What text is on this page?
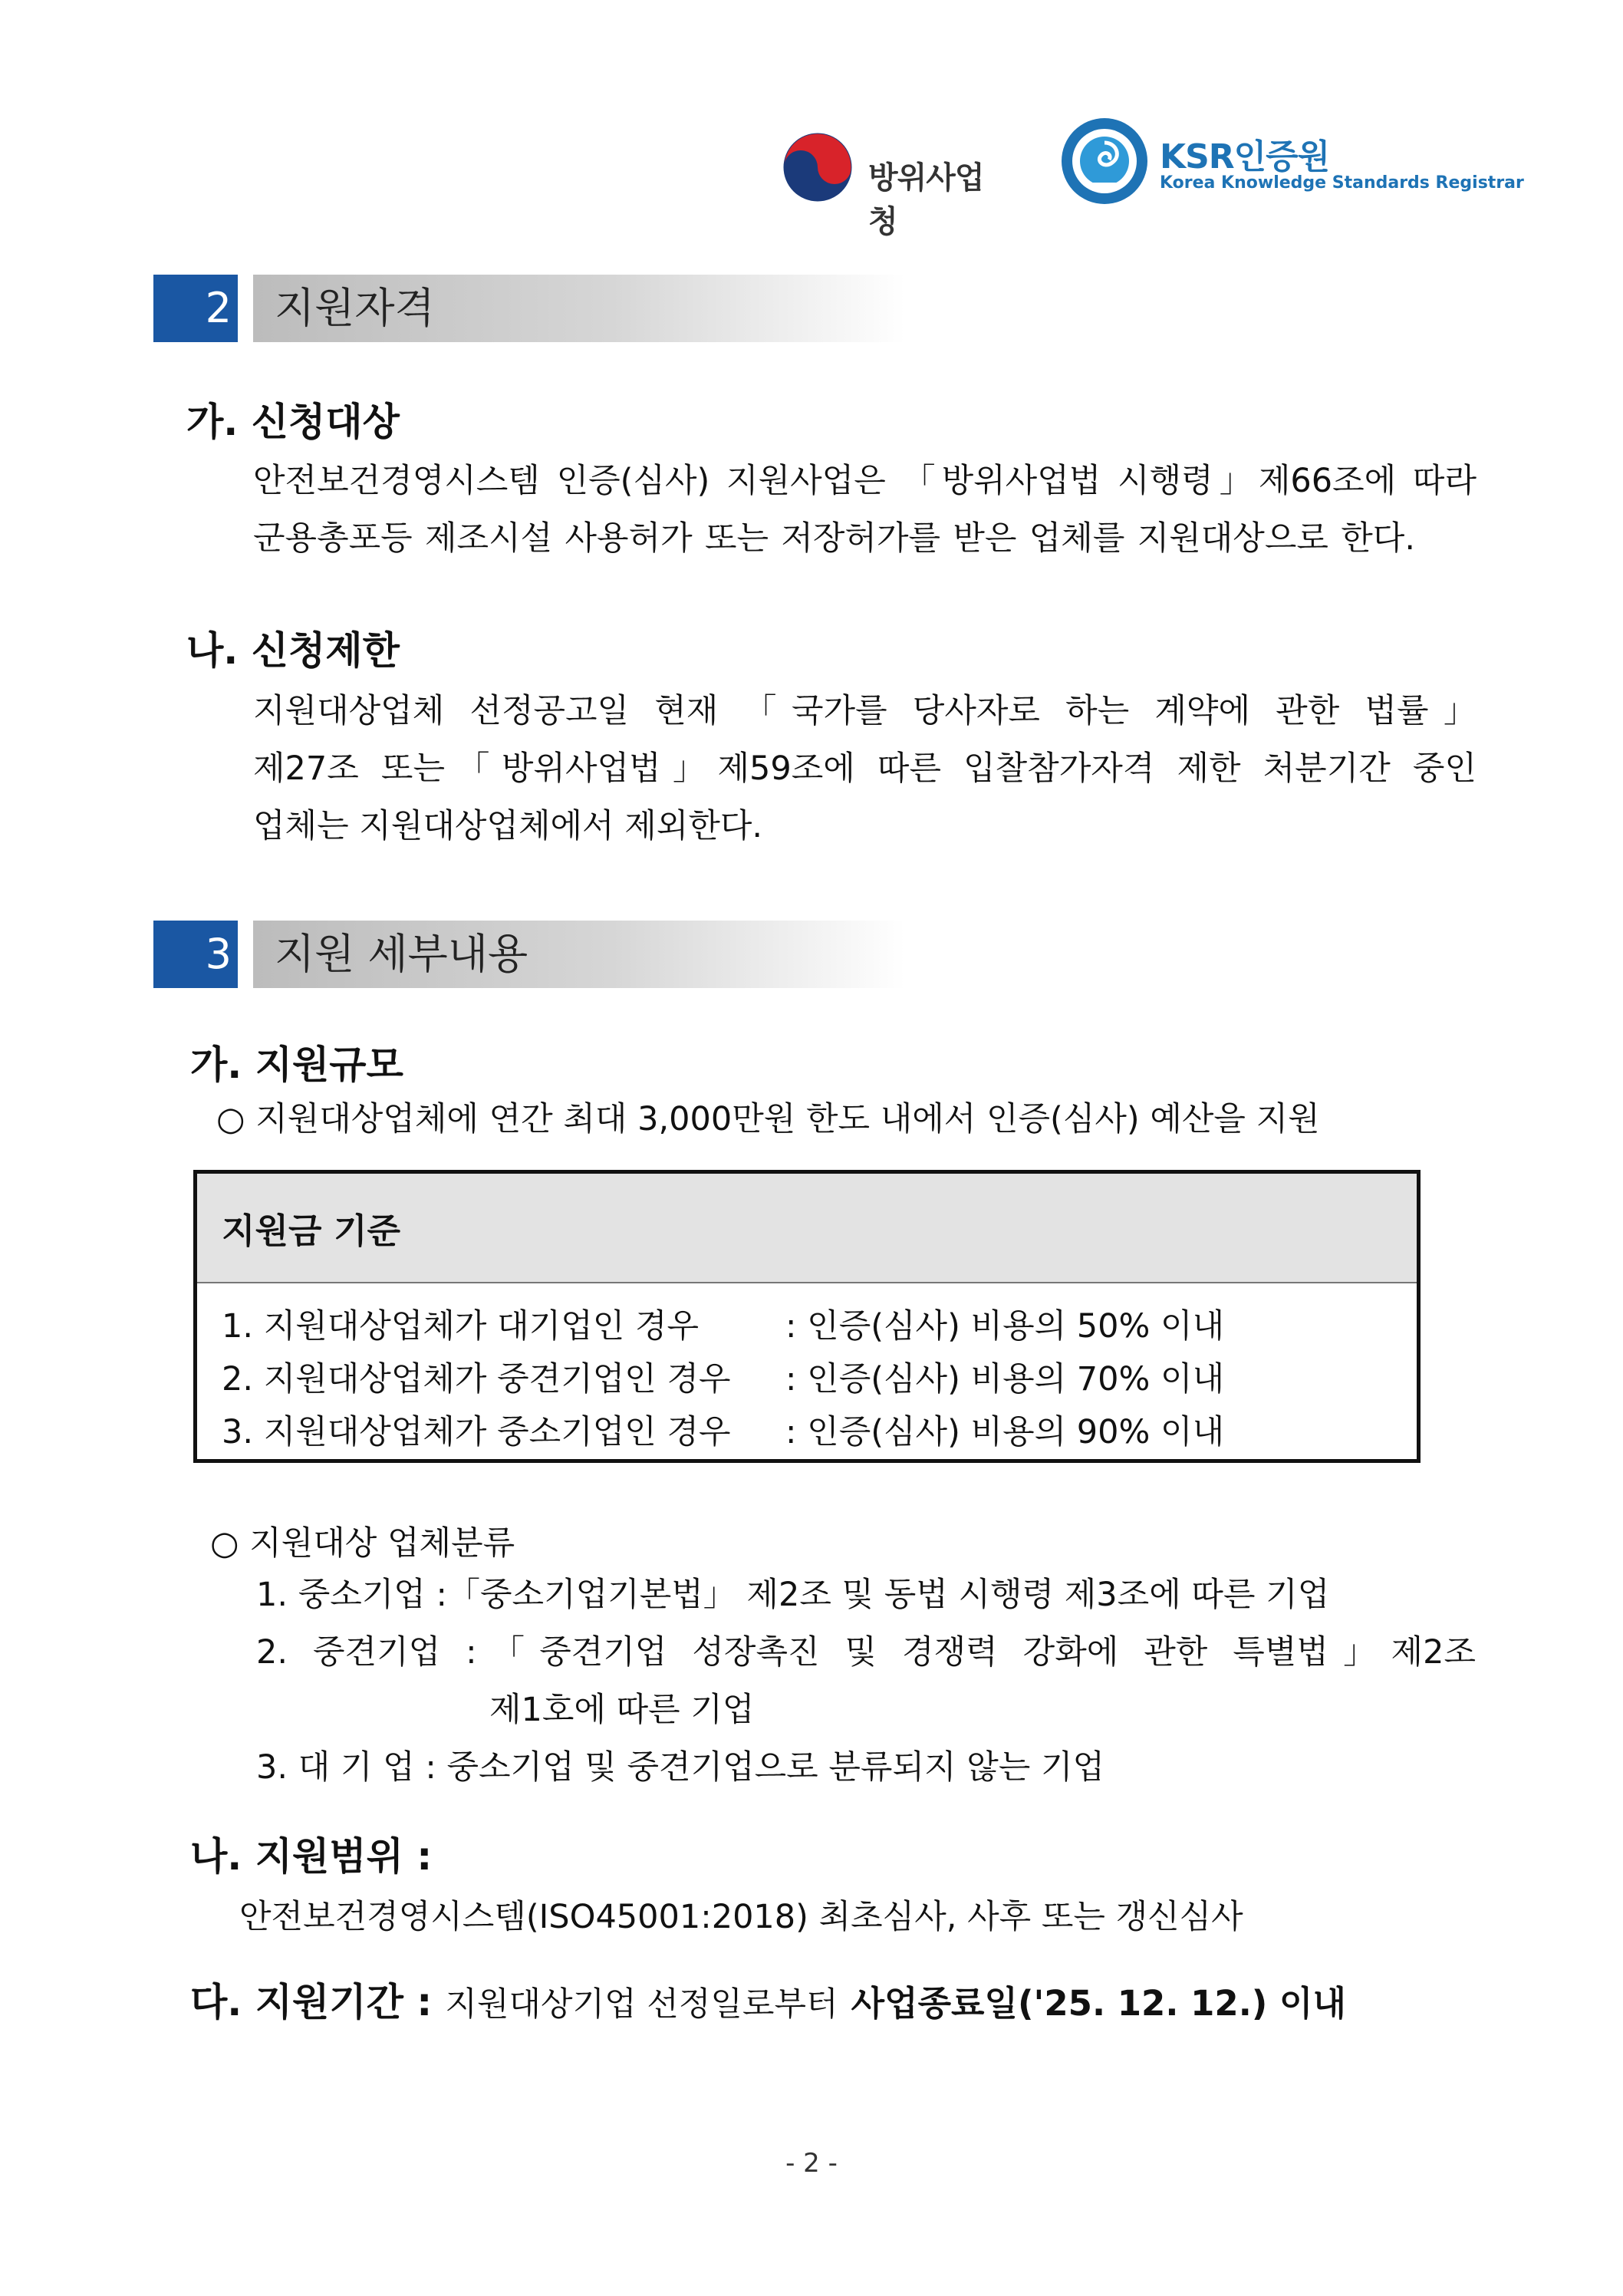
방위사업청
KSR인증원
Korea Knowledge Standards Registrar
2 지원자격
가. 신청대상
안전보건경영시스템 인증(심사) 지원사업은 「방위사업법 시행령」제66조에 따라
군용총포등 제조시설 사용허가 또는 저장허가를 받은 업체를 지원대상으로 한다.
나. 신청제한
지원대상업체 선정공고일 현재 「국가를 당사자로 하는 계약에 관한 법률」
제27조 또는「방위사업법」제59조에 따른 입찰참가자격 제한 처분기간 중인
업체는 지원대상업체에서 제외한다.
3 지원 세부내용
가. 지원규모
○ 지원대상업체에 연간 최대 3,000만원 한도 내에서 인증(심사) 예산을 지원
지원금 기준
1. 지원대상업체가 대기업인 경우	: 인증(심사) 비용의 50% 이내
2. 지원대상업체가 중견기업인 경우 : 인증(심사) 비용의 70% 이내
3. 지원대상업체가 중소기업인 경우 : 인증(심사) 비용의 90% 이내
○ 지원대상 업체분류
1. 중소기업 :「중소기업기본법」 제2조 및 동법 시행령 제3조에 따른 기업
2. 중견기업 :「중견기업 성장촉진 및 경쟁력 강화에 관한 특별법」제2조
제1호에 따른 기업
3. 대 기 업 : 중소기업 및 중견기업으로 분류되지 않는 기업
나. 지원범위 :
안전보건경영시스템(ISO45001:2018) 최초심사, 사후 또는 갱신심사
다. 지원기간 : 지원대상기업 선정일로부터 사업종료일('25. 12. 12.) 이내
- 2 -
